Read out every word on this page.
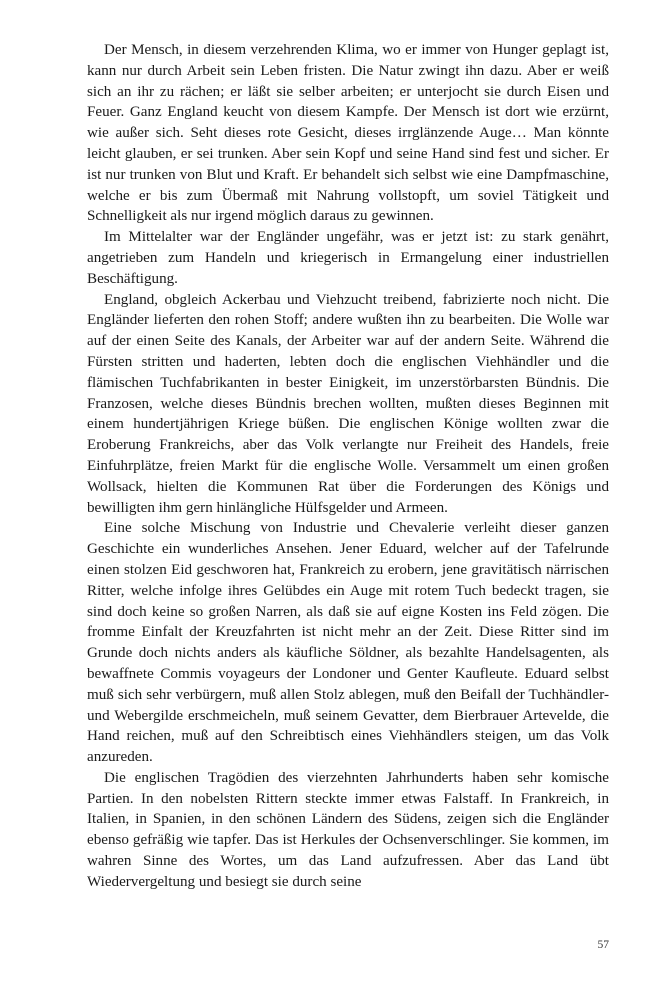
Der Mensch, in diesem verzehrenden Klima, wo er immer von Hunger geplagt ist, kann nur durch Arbeit sein Leben fristen. Die Natur zwingt ihn dazu. Aber er weiß sich an ihr zu rächen; er läßt sie selber arbeiten; er unterjocht sie durch Eisen und Feuer. Ganz England keucht von diesem Kampfe. Der Mensch ist dort wie erzürnt, wie außer sich. Seht dieses rote Gesicht, dieses irrglänzende Auge… Man könnte leicht glauben, er sei trunken. Aber sein Kopf und seine Hand sind fest und sicher. Er ist nur trunken von Blut und Kraft. Er behandelt sich selbst wie eine Dampfmaschine, welche er bis zum Übermaß mit Nahrung vollstopft, um soviel Tätigkeit und Schnelligkeit als nur irgend möglich daraus zu gewinnen.

Im Mittelalter war der Engländer ungefähr, was er jetzt ist: zu stark genährt, angetrieben zum Handeln und kriegerisch in Ermangelung einer industriellen Beschäftigung.

England, obgleich Ackerbau und Viehzucht treibend, fabrizierte noch nicht. Die Engländer lieferten den rohen Stoff; andere wußten ihn zu bearbeiten. Die Wolle war auf der einen Seite des Kanals, der Arbeiter war auf der andern Seite. Während die Fürsten stritten und haderten, lebten doch die englischen Viehhändler und die flämischen Tuchfabrikanten in bester Einigkeit, im unzerstörbarsten Bündnis. Die Franzosen, welche dieses Bündnis brechen wollten, mußten dieses Beginnen mit einem hundertjährigen Kriege büßen. Die englischen Könige wollten zwar die Eroberung Frankreichs, aber das Volk verlangte nur Freiheit des Handels, freie Einfuhrplätze, freien Markt für die englische Wolle. Versammelt um einen großen Wollsack, hielten die Kommunen Rat über die Forderungen des Königs und bewilligten ihm gern hinlängliche Hülfsgelder und Armeen.

Eine solche Mischung von Industrie und Chevalerie verleiht dieser ganzen Geschichte ein wunderliches Ansehen. Jener Eduard, welcher auf der Tafelrunde einen stolzen Eid geschworen hat, Frankreich zu erobern, jene gravitätisch närrischen Ritter, welche infolge ihres Gelübdes ein Auge mit rotem Tuch bedeckt tragen, sie sind doch keine so großen Narren, als daß sie auf eigne Kosten ins Feld zögen. Die fromme Einfalt der Kreuzfahrten ist nicht mehr an der Zeit. Diese Ritter sind im Grunde doch nichts anders als käufliche Söldner, als bezahlte Handelsagenten, als bewaffnete Commis voyageurs der Londoner und Genter Kaufleute. Eduard selbst muß sich sehr verbürgern, muß allen Stolz ablegen, muß den Beifall der Tuchhändler- und Webergilde erschmeicheln, muß seinem Gevatter, dem Bierbrauer Artevelde, die Hand reichen, muß auf den Schreibtisch eines Viehhändlers steigen, um das Volk anzureden.

Die englischen Tragödien des vierzehnten Jahrhunderts haben sehr komische Partien. In den nobelsten Rittern steckte immer etwas Falstaff. In Frankreich, in Italien, in Spanien, in den schönen Ländern des Südens, zeigen sich die Engländer ebenso gefräßig wie tapfer. Das ist Herkules der Ochsenverschlinger. Sie kommen, im wahren Sinne des Wortes, um das Land aufzufressen. Aber das Land übt Wiedervergeltung und besiegt sie durch seine

57
